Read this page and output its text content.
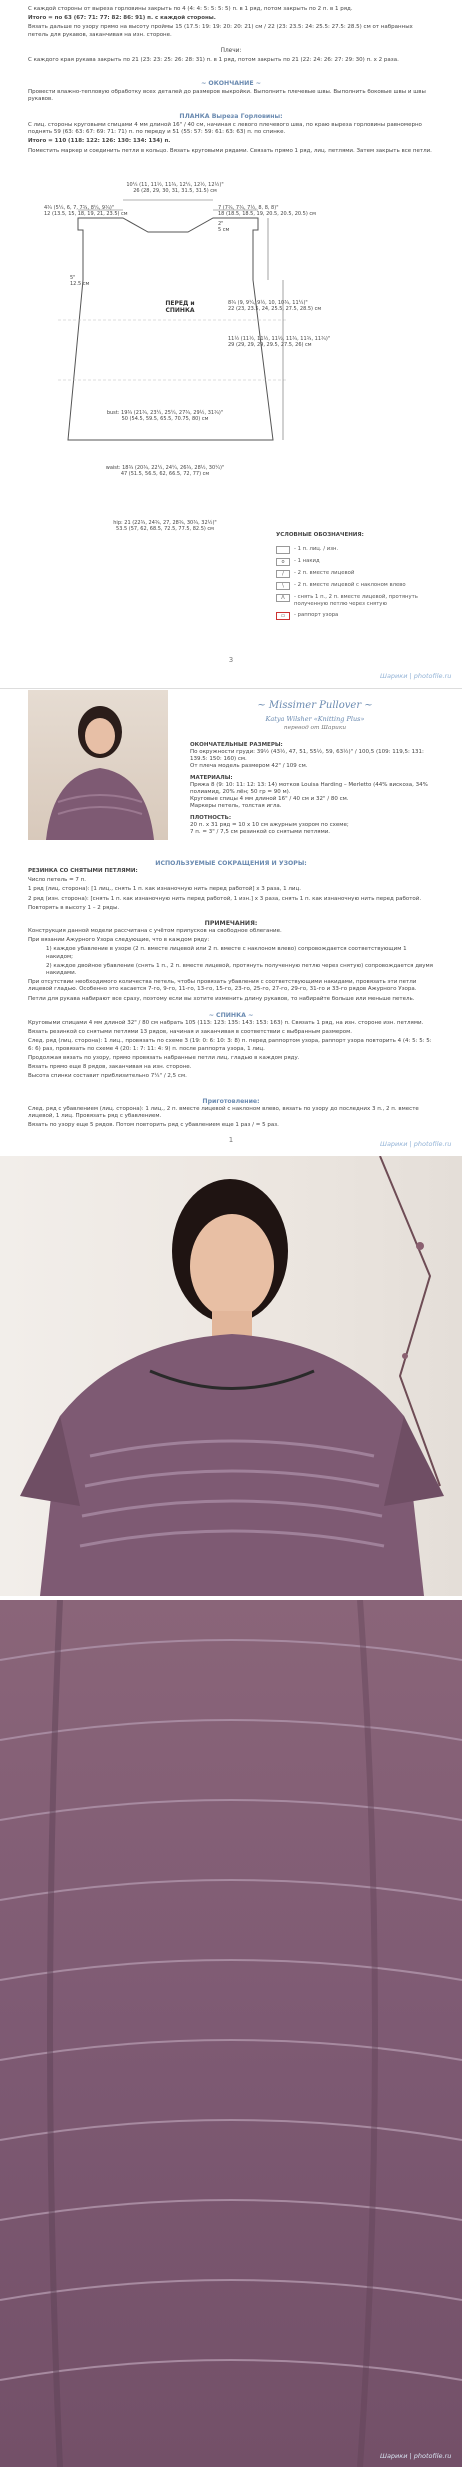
С каждой стороны от выреза горловины закрыть по 4 (4: 4: 5: 5: 5: 5) п. в 1 ряд, потом закрыть по 2 п. в 1 ряд.

Итого = по 63 (67: 71: 77: 82: 86: 91) п. с каждой стороны.

Вязать дальше по узору прямо на высоту проймы 15 (17.5: 19: 19: 20: 20: 21) см / 22 (23: 23.5: 24: 25.5: 27.5: 28.5) см от набранных петель для рукавов, заканчивая на изн. стороне.

Плечи:
С каждого края рукава закрыть по 21 (23: 23: 25: 26: 28: 31) п. в 1 ряд, потом закрыть по 21 (22: 24: 26: 27: 29: 30) п. х 2 раза.
~ ОКОНЧАНИЕ ~
Провести влажно-тепловую обработку всех деталей до размеров выкройки. Выполнить плечевые швы. Выполнить боковые швы и швы рукавов.
ПЛАНКА Выреза Горловины:

С лиц. стороны круговыми спицами 4 мм длиной 16" / 40 см, начиная с левого плечевого шва, по краю выреза горловины равномерно поднять 59 (63: 63: 67: 69: 71: 71) п. по переду и 51 (55: 57: 59: 61: 63: 63) п. по спинке.

Итого = 110 (118: 122: 126: 130: 134: 134) п.

Поместить маркер и соединить петли в кольцо. Вязать круговыми рядами. Связать прямо 1 ряд, лиц. петлями. Затем закрыть все петли.

10¼ (11, 11½, 11¾, 12¼, 12½, 12½)"
26 (28, 29, 30, 31, 31.5, 31.5) см
4¾ (5¼, 6, 7, 7¾, 8¼, 9¾)"
12 (13.5, 15, 18, 19, 21, 23.5) см
7 (7¾, 7¾, 7½, 8, 8, 8)"
18 (18.5, 18.5, 19, 20.5, 20.5, 20.5) см
2"
5 см
ПЕРЕД и СПИНКА
5"
12.5 см
8¾ (9, 9¼, 9½, 10, 10¾, 11¼)"
22 (23, 23.5, 24, 25.5, 27.5, 28.5) см
11½ (11½, 11½, 11½, 11¾, 11¾, 11¾)"
29 (29, 29, 29, 29.5, 27.5, 26) см
bust: 19¾ (21¾, 23¼, 25¼, 27¾, 29½, 31¾)"
50 (54.5, 59.5, 65.5, 70.75, 80) см
waist: 18¾ (20¾, 22¼, 24¼, 26¾, 28½, 30¼)"
47 (51.5, 56.5, 62, 66.5, 72, 77) см
hip: 21 (22¾, 24¾, 27, 28¾, 30¾, 32½)"
53.5 (57, 62, 68.5, 72.5, 77.5, 82.5) см
УСЛОВНЫЕ ОБОЗНАЧЕНИЯ:
- 1 п. лиц. / изн.
o	- 1 накид
/	- 2 п. вместе лицевой
\	- 2 п. вместе лицевой с наклоном влево
Λ	- снять 1 п., 2 п. вместе лицевой, протянуть полученную петлю через снятую
▭	- раппорт узора
3
Шарики | photofile.ru
~ Missimer Pullover ~
Katya Wilsher «Knitting Plus»
перевод от Шарики
ОКОНЧАТЕЛЬНЫЕ РАЗМЕРЫ:
По окружности груди: 39½ (43½, 47, 51, 55½, 59, 63½)" / 100,5 (109: 119,5: 131: 139.5: 150: 160) см.
От плеча модель размером 42" / 109 см.
МАТЕРИАЛЫ:
Пряжа 8 (9: 10: 11: 12: 13: 14) мотков Louisa Harding – Merletto (44% вискоза, 34% полиамид, 20% лён; 50 гр = 90 м).
Круговые спицы 4 мм длиной 16" / 40 см и 32" / 80 см.
Маркеры петель, толстая игла.
ПЛОТНОСТЬ:
20 п. x 31 ряд = 10 x 10 см ажурным узором по схеме;
7 п. = 3" / 7,5 см резинкой со снятыми петлями.
ИСПОЛЬЗУЕМЫЕ СОКРАЩЕНИЯ И УЗОРЫ:

РЕЗИНКА СО СНЯТЫМИ ПЕТЛЯМИ:

Число петель = 7 п.

1 ряд (лиц. сторона): [1 лиц., снять 1 п. как изнаночную нить перед работой] x 3 раза, 1 лиц.

2 ряд (изн. сторона): [снять 1 п. как изнаночную нить перед работой, 1 изн.] x 3 раза, снять 1 п. как изнаночную нить перед работой.

Повторять в высоту 1 – 2 ряды.

ПРИМЕЧАНИЯ:

Конструкция данной модели рассчитана с учётом припусков на свободное облегание.

При вязании Ажурного Узора следующие, что в каждом ряду:

1) каждое убавление в узоре (2 п. вместе лицевой или 2 п. вместе с наклоном влево) сопровождается соответствующим 1 накидом;

2) каждое двойное убавление (снять 1 п., 2 п. вместе лицевой, протянуть полученную петлю через снятую) сопровождается двумя накидами.

При отсутствии необходимого количества петель, чтобы провязать убавления с соответствующими накидами, провязать эти петли лицевой гладью. Особенно это касается 7-го, 9-го, 11-го, 13-го, 15-го, 23-го, 25-го, 27-го, 29-го, 31-го и 33-го рядов Ажурного Узора.

Петли для рукава набирают все сразу, поэтому если вы хотите изменить длину рукавов, то набирайте больше или меньше петель.

~ СПИНКА ~

Круговыми спицами 4 мм длиной 32" / 80 см набрать 105 (113: 123: 135: 143: 153: 163) п. Связать 1 ряд, на изн. стороне изн. петлями.

Вязать резинкой со снятыми петлями 13 рядов, начиная и заканчивая в соответствии с выбранным размером.

След. ряд (лиц. сторона): 1 лиц., провязать по схеме 3 (19: 0: 6: 10: 3: 8) п. перед раппортом узора, раппорт узора повторить 4 (4: 5: 5: 5: 6: 6) раз, провязать по схеме 4 (20: 1: 7: 11: 4: 9) п. после раппорта узора, 1 лиц.

Продолжая вязать по узору, прямо провязать набранные петли лиц. гладью в каждом ряду.

Вязать прямо еще 8 рядов, заканчивая на изн. стороне.

Высота спинки составит приблизительно 7¼" / 2,5 см.

Приготовление:

След. ряд с убавлением (лиц. сторона): 1 лиц., 2 п. вместе лицевой с наклоном влево, вязать по узору до последних 3 п., 2 п. вместе лицевой, 1 лиц. Провязать ряд с убавлением.

Вязать по узору еще 5 рядов. Потом повторить ряд с убавлением еще 1 раз / = 5 раз.

1	Шарики | photofile.ru
Шарики | photofile.ru
